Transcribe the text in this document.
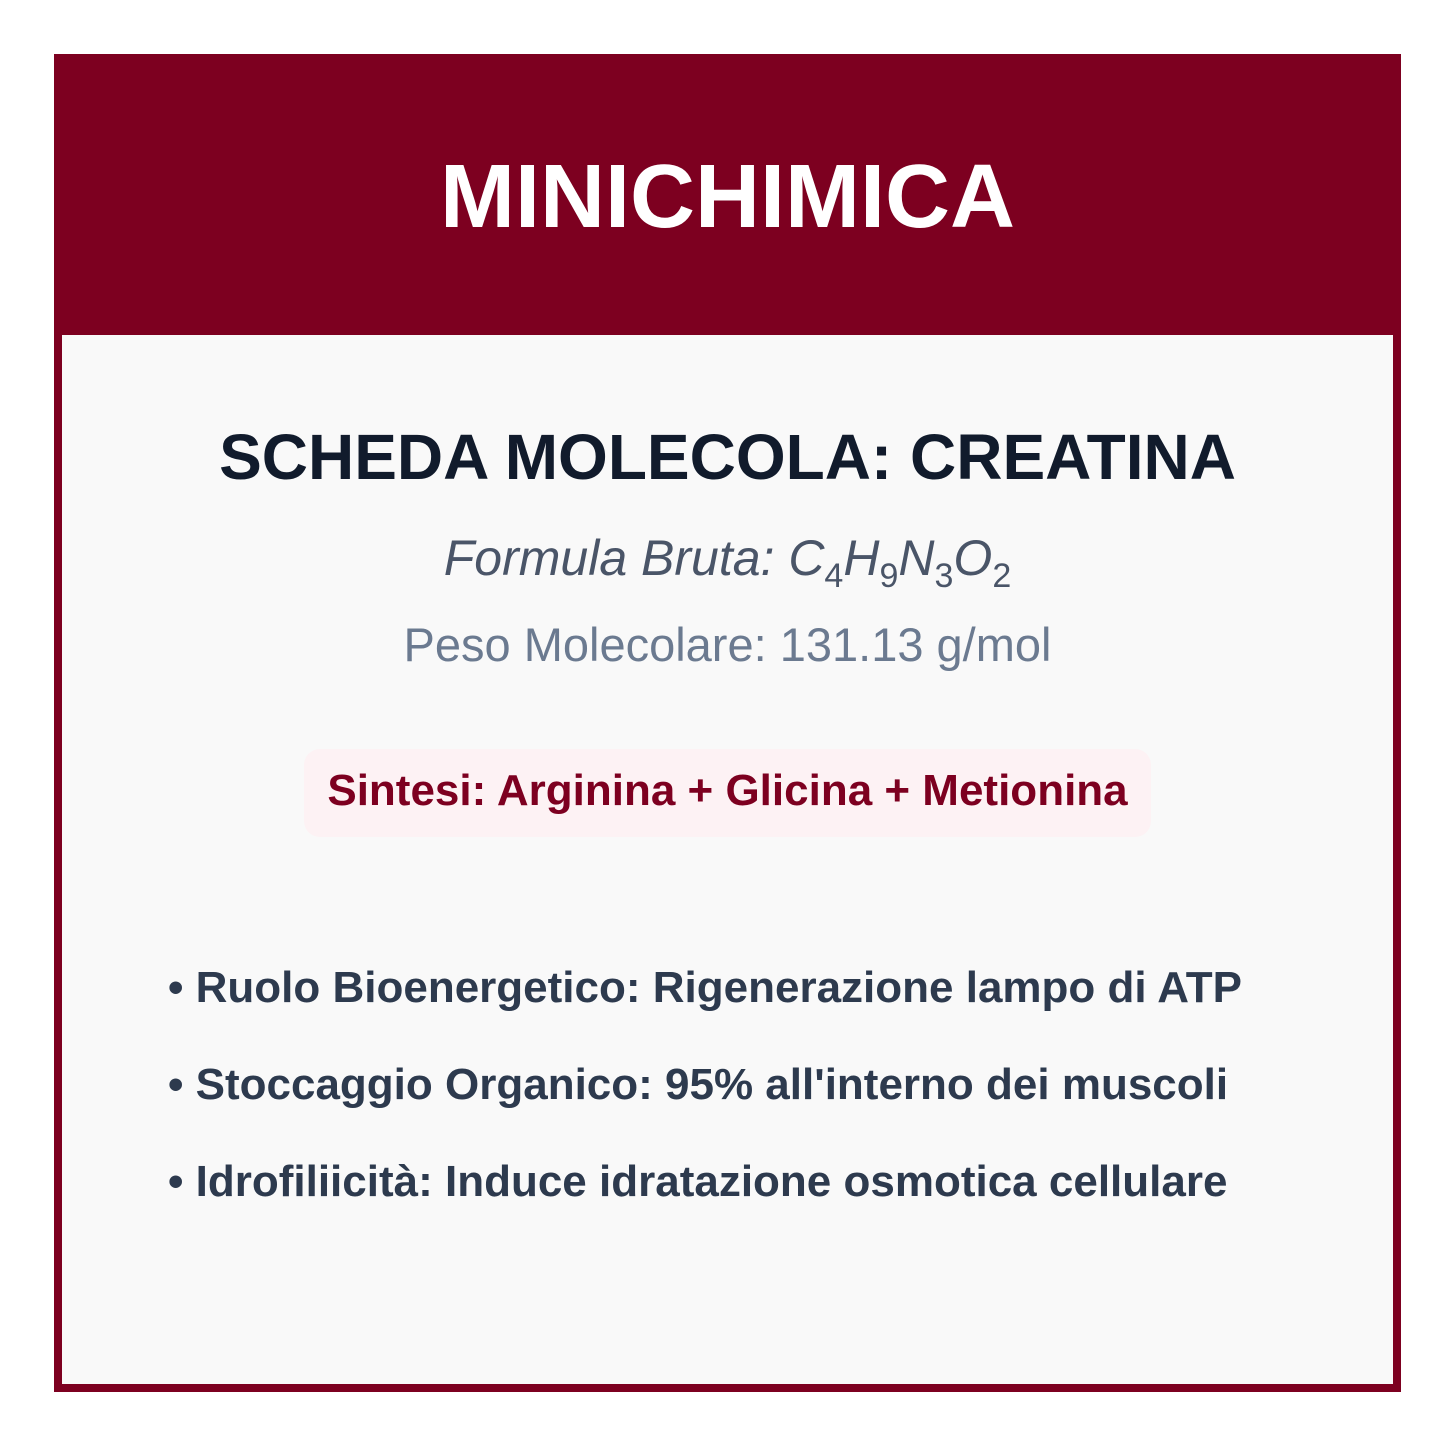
MINICHIMICA
SCHEDA MOLECOLA: CREATINA
Formula Bruta: $C_4H_9N_3O_2$
Peso Molecolare: 131.13 g/mol
Sintesi: Arginina + Glicina + Metionina
• Ruolo Bioenergetico: Rigenerazione lampo di ATP
• Stoccaggio Organico: 95% all'interno dei muscoli
• Idrofiliicità: Induce idratazione osmotica cellulare
